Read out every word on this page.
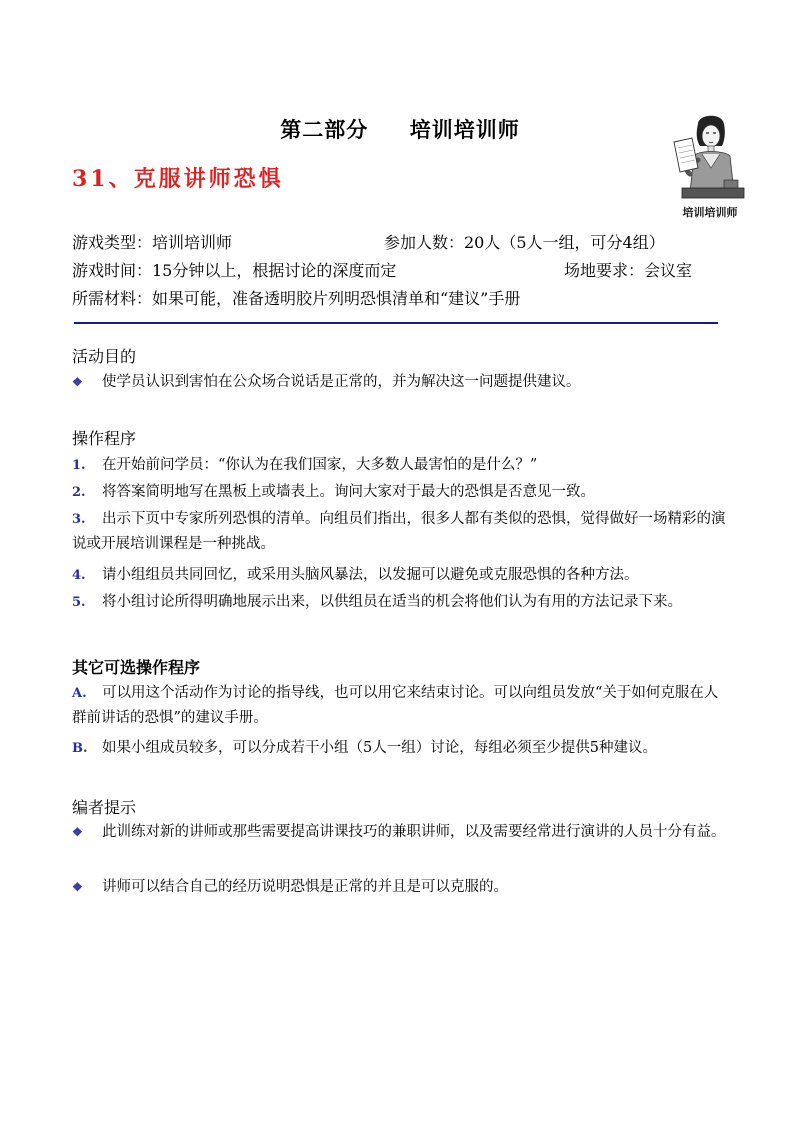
第二部分 培训培训师
31、克服讲师恐惧
培训培训师
游戏类型：培训培训师	参加人数：20人（5人一组，可分4组）
游戏时间：15分钟以上，根据讨论的深度而定	场地要求：会议室
所需材料：如果可能，准备透明胶片列明恐惧清单和“建议”手册
活动目的
❖	使学员认识到害怕在公众场合说话是正常的，并为解决这一问题提供建议。
操作程序
1.	在开始前问学员：“你认为在我们国家，大多数人最害怕的是什么？”
2.	将答案简明地写在黑板上或墙表上。询问大家对于最大的恐惧是否意见一致。
3.	出示下页中专家所列恐惧的清单。向组员们指出，很多人都有类似的恐惧，觉得做好一场精彩的演说或开展培训课程是一种挑战。
4.	请小组组员共同回忆，或采用头脑风暴法，以发掘可以避免或克服恐惧的各种方法。
5.	将小组讨论所得明确地展示出来，以供组员在适当的机会将他们认为有用的方法记录下来。
其它可选操作程序
A.	可以用这个活动作为讨论的指导线，也可以用它来结束讨论。可以向组员发放“关于如何克服在人群前讲话的恐惧”的建议手册。
B. 如果小组成员较多，可以分成若干小组（5人一组）讨论，每组必须至少提供5种建议。
编者提示
❖	此训练对新的讲师或那些需要提高讲课技巧的兼职讲师，以及需要经常进行演讲的人员十分有益。
❖	讲师可以结合自己的经历说明恐惧是正常的并且是可以克服的。
